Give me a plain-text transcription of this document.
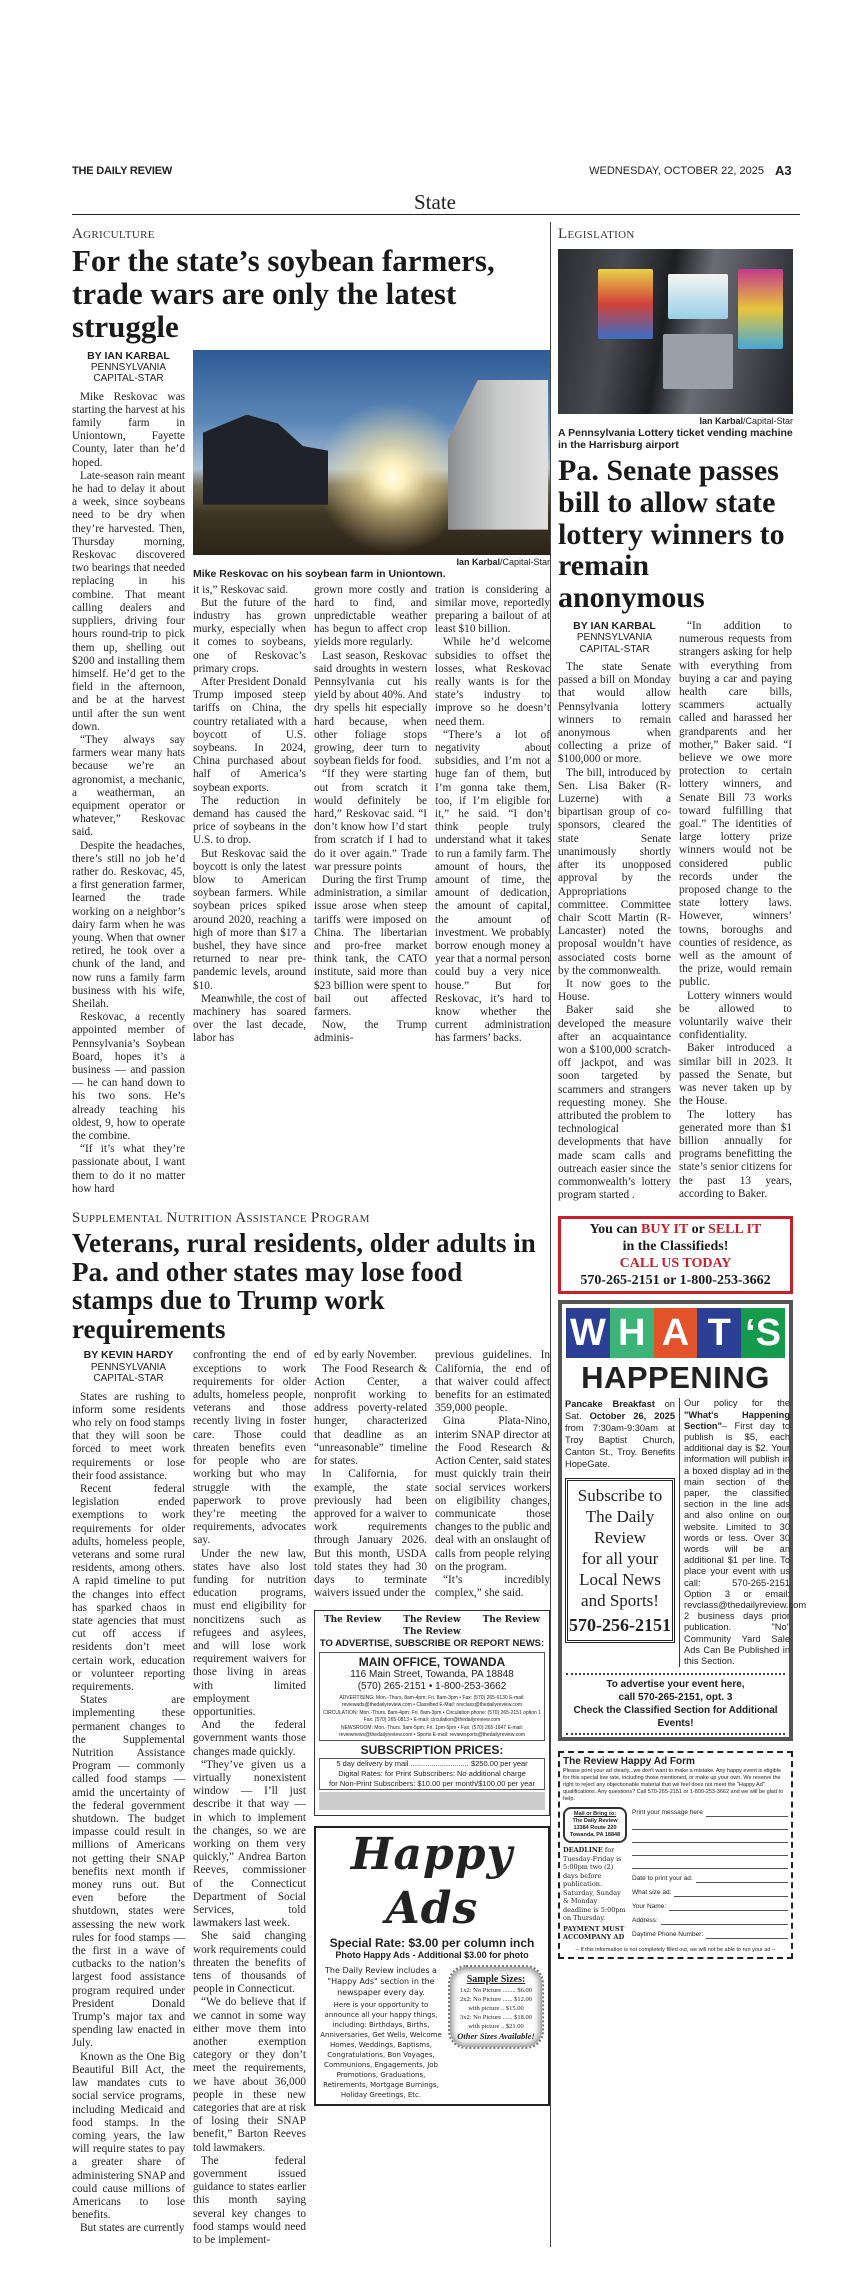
THE DAILY REVIEW	WEDNESDAY, OCTOBER 22, 2025 A3
State
Agriculture
For the state’s soybean farmers, trade wars are only the latest struggle
BY IAN KARBAL
PENNSYLVANIA CAPITAL-STAR

Mike Reskovac was starting the harvest at his family farm in Uniontown, Fayette County, later than he’d hoped.

Late-season rain meant he had to delay it about a week, since soybeans need to be dry when they’re harvested. Then, Thursday morning, Reskovac discovered two bearings that needed replacing in his combine. That meant calling dealers and suppliers, driving four hours round-trip to pick them up, shelling out $200 and installing them himself. He’d get to the field in the afternoon, and be at the harvest until after the sun went down.

“They always say farmers wear many hats because we’re an agronomist, a mechanic, a weatherman, an equipment operator or whatever,” Reskovac said.

Despite the headaches, there’s still no job he’d rather do. Reskovac, 45, a first generation farmer, learned the trade working on a neighbor’s dairy farm when he was young. When that owner retired, he took over a chunk of the land, and now runs a family farm business with his wife, Sheilah.

Reskovac, a recently appointed member of Pennsylvania’s Soybean Board, hopes it’s a business — and passion — he can hand down to his two sons. He’s already teaching his oldest, 9, how to operate the combine.

“If it’s what they’re passionate about, I want them to do it no matter how hard

Ian Karbal/Capital-Star
Mike Reskovac on his soybean farm in Uniontown.

it is,” Reskovac said.

But the future of the industry has grown murky, especially when it comes to soybeans, one of Reskovac’s primary crops.

After President Donald Trump imposed steep tariffs on China, the country retaliated with a boycott of U.S. soybeans. In 2024, China purchased about half of America’s soybean exports.

The reduction in demand has caused the price of soybeans in the U.S. to drop.

But Reskovac said the boycott is only the latest blow to American soybean farmers. While soybean prices spiked around 2020, reaching a high of more than $17 a bushel, they have since returned to near pre-pandemic levels, around $10.

Meanwhile, the cost of machinery has soared over the last decade, labor has

grown more costly and hard to find, and unpredictable weather has begun to affect crop yields more regularly.

Last season, Reskovac said droughts in western Pennsylvania cut his yield by about 40%. And dry spells hit especially hard because, when other foliage stops growing, deer turn to soybean fields for food.

“If they were starting out from scratch it would definitely be hard,” Reskovac said. “I don’t know how I’d start from scratch if I had to do it over again.” Trade war pressure points

During the first Trump administration, a similar issue arose when steep tariffs were imposed on China. The libertarian and pro-free market think tank, the CATO institute, said more than $23 billion were spent to bail out affected farmers.

Now, the Trump adminis-

tration is considering a similar move, reportedly preparing a bailout of at least $10 billion.

While he’d welcome subsidies to offset the losses, what Reskovac really wants is for the state’s industry to improve so he doesn’t need them.

“There’s a lot of negativity about subsidies, and I’m not a huge fan of them, but I’m gonna take them, too, if I’m eligible for it,” he said. “I don’t think people truly understand what it takes to run a family farm. The amount of hours, the amount of time, the amount of dedication, the amount of capital, the amount of investment. We probably borrow enough money a year that a normal person could buy a very nice house.” But for Reskovac, it’s hard to know whether the current administration has farmers’ backs.

Supplemental Nutrition Assistance Program
Veterans, rural residents, older adults in Pa. and other states may lose food stamps due to Trump work requirements
BY KEVIN HARDY
PENNSYLVANIA CAPITAL-STAR

States are rushing to inform some residents who rely on food stamps that they will soon be forced to meet work requirements or lose their food assistance.

Recent federal legislation ended exemptions to work requirements for older adults, homeless people, veterans and some rural residents, among others. A rapid timeline to put the changes into effect has sparked chaos in state agencies that must cut off access if residents don’t meet certain work, education or volunteer reporting requirements.

States are implementing these permanent changes to the Supplemental Nutrition Assistance Program — commonly called food stamps — amid the uncertainty of the federal government shutdown. The budget impasse could result in millions of Americans not getting their SNAP benefits next month if money runs out. But even before the shutdown, states were assessing the new work rules for food stamps — the first in a wave of cutbacks to the nation’s largest food assistance program required under President Donald Trump’s major tax and spending law enacted in July.

Known as the One Big Beautiful Bill Act, the law mandates cuts to social service programs, including Medicaid and food stamps. In the coming years, the law will require states to pay a greater share of administering SNAP and could cause millions of Americans to lose benefits.

But states are currently

confronting the end of exceptions to work requirements for older adults, homeless people, veterans and those recently living in foster care. Those could threaten benefits even for people who are working but who may struggle with the paperwork to prove they’re meeting the requirements, advocates say.

Under the new law, states have also lost funding for nutrition education programs, must end eligibility for noncitizens such as refugees and asylees, and will lose work requirement waivers for those living in areas with limited employment opportunities.

And the federal government wants those changes made quickly.

“They’ve given us a virtually nonexistent window — I’ll just describe it that way — in which to implement the changes, so we are working on them very quickly,” Andrea Barton Reeves, commissioner of the Connecticut Department of Social Services, told lawmakers last week.

She said changing work requirements could threaten the benefits of tens of thousands of people in Connecticut.

“We do believe that if we cannot in some way either move them into another exemption category or they don’t meet the requirements, we have about 36,000 people in these new categories that are at risk of losing their SNAP benefit,” Barton Reeves told lawmakers.

The federal government issued guidance to states earlier this month saying several key changes to food stamps would need to be implement-

ed by early November.

The Food Research & Action Center, a nonprofit working to address poverty-related hunger, characterized that deadline as an “unreasonable” timeline for states.

In California, for example, the state previously had been approved for a waiver to work requirements through January 2026. But this month, USDA told states they had 30 days to terminate waivers issued under the

previous guidelines. In California, the end of that waiver could affect benefits for an estimated 359,000 people.

Gina Plata-Nino, interim SNAP director at the Food Research & Action Center, said states must quickly train their social services workers on eligibility changes, communicate those changes to the public and deal with an onslaught of calls from people relying on the program.

“It’s incredibly complex,” she said.

The Review The Review The Review
The Review
TO ADVERTISE, SUBSCRIBE OR REPORT NEWS:
MAIN OFFICE, TOWANDA
116 Main Street, Towanda, PA 18848
(570) 265-2151 • 1-800-253-3662
ADVERTISING: Mon.-Thurs. 8am-4pm; Fri. 8am-3pm • Fax: (570) 265-6130 E-mail: reviewads@thedailyreview.com • Classified E-Mail: revclass@thedailyreview.com
CIRCULATION: Mon.-Thurs. 8am-4pm; Fri. 8am-3pm • Circulation phone: (570) 265-2151 option 1 Fax: (570) 265-0813 • E-mail: circulation@thedailyreview.com
NEWSROOM: Mon.-Thurs. 9am-5pm; Fri. 1pm-5pm • Fax: (570) 265-1647 E-mail: reviewnews@thedailyreview.com • Sports E-mail: reviewsports@thedailyreview.com
SUBSCRIPTION PRICES:
5 day delivery by mail ............................ $250.00 per year
Digital Rates: for Print Subscribers: No additional charge
for Non-Print Subscribers: $10.00 per month/$100.00 per year
Happy Ads
Special Rate: $3.00 per column inch
Photo Happy Ads - Additional $3.00 for photo
The Daily Review includes a "Happy Ads" section in the newspaper every day.
Here is your opportunity to announce all your happy things, including: Birthdays, Births, Anniversaries, Get Wells, Welcome Homes, Weddings, Baptisms, Congratulations, Bon Voyages, Communions, Engagements, Job Promotions, Graduations, Retirements, Mortgage Burnings, Holiday Greetings, Etc.
Sample Sizes:
1x2: No Picture ........ $6.00
2x2: No Picture ...... $12.00
with picture .. $15.00
3x2: No Picture ...... $18.00
with picture .. $21.00
Other Sizes Available!
Legislation
Ian Karbal/Capital-Star
A Pennsylvania Lottery ticket vending machine in the Harrisburg airport
Pa. Senate passes bill to allow state lottery winners to remain anonymous
BY IAN KARBAL
PENNSYLVANIA CAPITAL-STAR

The state Senate passed a bill on Monday that would allow Pennsylvania lottery winners to remain anonymous when collecting a prize of $100,000 or more.

The bill, introduced by Sen. Lisa Baker (R-Luzerne) with a bipartisan group of co-sponsors, cleared the state Senate unanimously shortly after its unopposed approval by the Appropriations committee. Committee chair Scott Martin (R-Lancaster) noted the proposal wouldn’t have associated costs borne by the commonwealth.

It now goes to the House.

Baker said she developed the measure after an acquaintance won a $100,000 scratch-off jackpot, and was soon targeted by scammers and strangers requesting money. She attributed the problem to technological developments that have made scam calls and outreach easier since the commonwealth’s lottery program started .

“In addition to numerous requests from strangers asking for help with everything from buying a car and paying health care bills, scammers actually called and harassed her grandparents and her mother,” Baker said. “I believe we owe more protection to certain lottery winners, and Senate Bill 73 works toward fulfilling that goal.” The identities of large lottery prize winners would not be considered public records under the proposed change to the state lottery laws. However, winners’ towns, boroughs and counties of residence, as well as the amount of the prize, would remain public.

Lottery winners would be allowed to voluntarily waive their confidentiality.

Baker introduced a similar bill in 2023. It passed the Senate, but was never taken up by the House.

The lottery has generated more than $1 billion annually for programs benefitting the state’s senior citizens for the past 13 years, according to Baker.

You can BUY IT or SELL IT
in the Classifieds!
CALL US TODAY
570-265-2151 or 1-800-253-3662
W H A T ‘S
HAPPENING
Pancake Breakfast on Sat. October 26, 2025 from 7:30am-9:30am at Troy Baptist Church, Canton St., Troy. Benefits HopeGate.
Subscribe to
The Daily Review
for all your
Local News
and Sports!
570-256-2151
Our policy for the "What's Happening Section"– First day to publish is $5, each additional day is $2. Your information will publish in a boxed display ad in the main section of the paper, the classified section in the line ads and also online on our website. Limited to 30 words or less. Over 30 words will be an additional $1 per line. To place your event with us call: 570-265-2151 Option 3 or email: revclass@thedailyreview.com 2 business days prior publication. "No" Community Yard Sale Ads Can Be Published in this Section.
To advertise your event here,
call 570-265-2151, opt. 3
Check the Classified Section for Additional Events!
The Review Happy Ad Form
Please print your ad clearly...we don't want to make a mistake. Any happy event is eligible for this special low rate, including those mentioned, or make up your own. We reserve the right to reject any objectionable material that we feel does not meet the "Happy Ad" qualifications. Any questions? Call 570-265-2151 or 1-800-253-3662 and we will be glad to help.
Mail or Bring to:
The Daily Review
13384 Route 220
Towanda, PA 18848
DEADLINE for Tuesday-Friday is 5:00pm two (2) days before publication. Saturday, Sunday & Monday deadline is 5:00pm on Thursday.
PAYMENT MUST ACCOMPANY AD
Print your message here
Date to print your ad:
What size ad:
Your Name:
Address:
Daytime Phone Number:
-- If this information is not completely filled out, we will not be able to run your ad --
